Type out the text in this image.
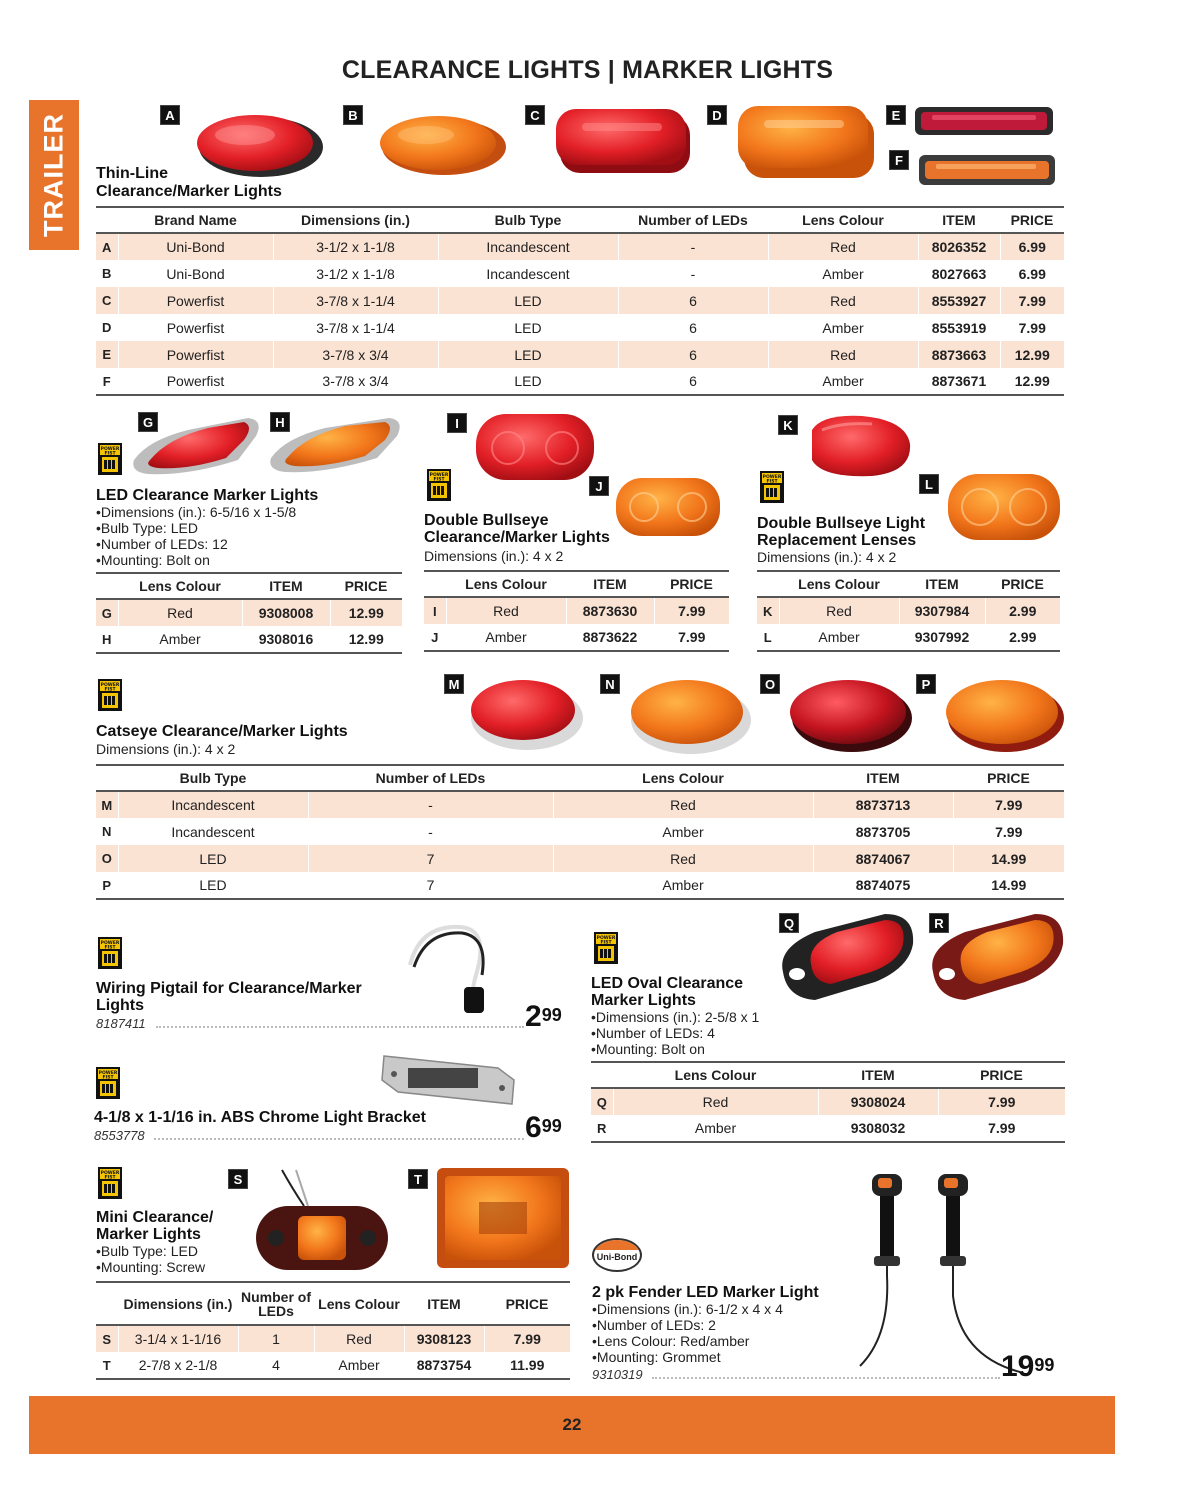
CLEARANCE LIGHTS | MARKER LIGHTS
TRAILER	A	B	C	D	E
F
Thin-Line
Clearance/Marker Lights
	Brand Name	Dimensions (in.)	Bulb Type	Number of LEDs	Lens Colour	ITEM	PRICE
A	Uni-Bond	3-1/2 x 1-1/8	Incandescent	-	Red	8026352	6.99
B	Uni-Bond	3-1/2 x 1-1/8	Incandescent	-	Amber	8027663	6.99
C	Powerfist	3-7/8 x 1-1/4	LED	6	Red	8553927	7.99
D	Powerfist	3-7/8 x 1-1/4	LED	6	Amber	8553919	7.99
E	Powerfist	3-7/8 x 3/4	LED	6	Red	8873663	12.99
F	Powerfist	3-7/8 x 3/4	LED	6	Amber	8873671	12.99
G	H
LED Clearance Marker Lights
•Dimensions (in.): 6-5/16 x 1-5/8
•Bulb Type: LED
•Number of LEDs: 12
•Mounting: Bolt on
	Lens Colour	ITEM	PRICE
G	Red	9308008	12.99
H	Amber	9308016	12.99
I
J
Double Bullseye
Clearance/Marker Lights
Dimensions (in.): 4 x 2
	Lens Colour	ITEM	PRICE
I	Red	8873630	7.99
J	Amber	8873622	7.99
K
L
Double Bullseye Light
Replacement Lenses
Dimensions (in.): 4 x 2
	Lens Colour	ITEM	PRICE
K	Red	9307984	2.99
L	Amber	9307992	2.99
Catseye Clearance/Marker Lights
Dimensions (in.): 4 x 2
M	N	O	P
	Bulb Type	Number of LEDs	Lens Colour	ITEM	PRICE
M	Incandescent	-	Red	8873713	7.99
N	Incandescent	-	Amber	8873705	7.99
O	LED	7	Red	8874067	14.99
P	LED	7	Amber	8874075	14.99
Wiring Pigtail for Clearance/Marker
Lights
8187411	$2^{99}$
4-1/8 x 1-1/16 in. ABS Chrome Light Bracket
8553778	$6^{99}$
Q	R
LED Oval Clearance
Marker Lights
•Dimensions (in.): 2-5/8 x 1
•Number of LEDs: 4
•Mounting: Bolt on
	Lens Colour	ITEM	PRICE
Q	Red	9308024	7.99
R	Amber	9308032	7.99
S	T
Mini Clearance/
Marker Lights
•Bulb Type: LED
•Mounting: Screw
	Dimensions (in.)	Number of LEDs	Lens Colour	ITEM	PRICE
S	3-1/4 x 1-1/16	1	Red	9308123	7.99
T	2-7/8 x 2-1/8	4	Amber	8873754	11.99
Uni-Bond
2 pk Fender LED Marker Light
•Dimensions (in.): 6-1/2 x 4 x 4
•Number of LEDs: 2
•Lens Colour: Red/amber
•Mounting: Grommet
9310319	$19^{99}$
22
